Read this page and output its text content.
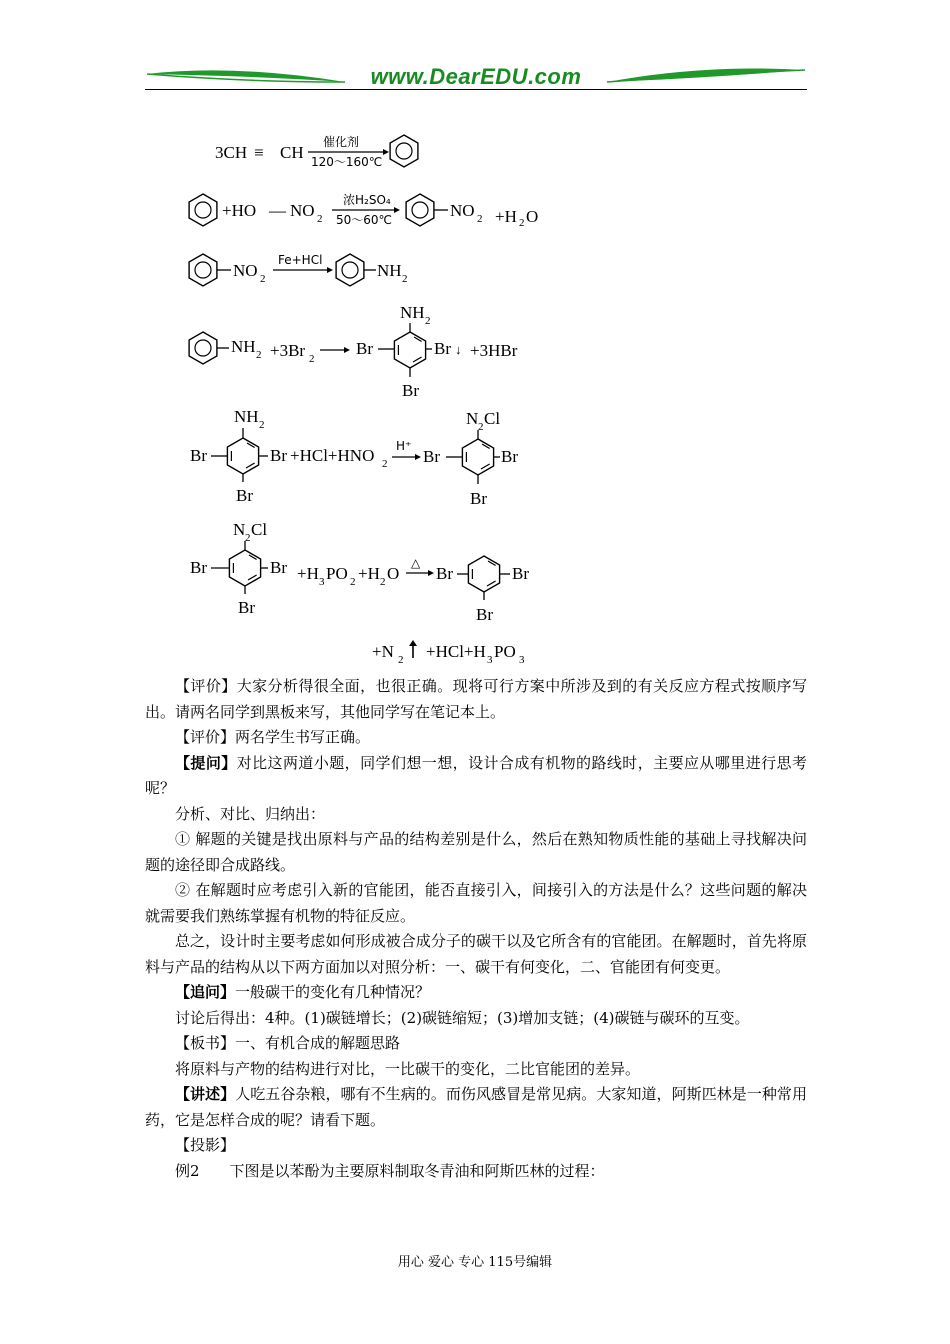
www.DearEDU.com
3CH ≡ CH
催化剂
120～160℃
+HO — NO 2
浓H₂SO₄
50～60℃	NO 2 +H 2 O
NO 2
Fe+HCl
NH 2
NH 2 +3Br 2
NH 2
Br	Br ↓
Br
+3HBr
NH 2
Br	Br
Br
+HCl+HNO 2
H⁺
N 2 Cl
Br	Br
Br
N 2 Cl
Br	Br
Br
+H 3 PO 2 +H 2 O
△
Br	Br
Br
+N 2 +HCl+H 3 PO 3

【评价】大家分析得很全面，也很正确。现将可行方案中所涉及到的有关反应方程式按顺序写出。请两名同学到黑板来写，其他同学写在笔记本上。

【评价】两名学生书写正确。

【提问】对比这两道小题，同学们想一想，设计合成有机物的路线时，主要应从哪里进行思考呢？

分析、对比、归纳出：

① 解题的关键是找出原料与产品的结构差别是什么，然后在熟知物质性能的基础上寻找解决问题的途径即合成路线。

② 在解题时应考虑引入新的官能团，能否直接引入，间接引入的方法是什么？这些问题的解决就需要我们熟练掌握有机物的特征反应。

总之，设计时主要考虑如何形成被合成分子的碳干以及它所含有的官能团。在解题时，首先将原料与产品的结构从以下两方面加以对照分析：一、碳干有何变化，二、官能团有何变更。

【追问】一般碳干的变化有几种情况？

讨论后得出：4种。(1)碳链增长；(2)碳链缩短；(3)增加支链；(4)碳链与碳环的互变。

【板书】一、有机合成的解题思路

将原料与产物的结构进行对比，一比碳干的变化，二比官能团的差异。

【讲述】人吃五谷杂粮，哪有不生病的。而伤风感冒是常见病。大家知道，阿斯匹林是一种常用药，它是怎样合成的呢？请看下题。

【投影】

例2 下图是以苯酚为主要原料制取冬青油和阿斯匹林的过程：

用心 爱心 专心 115号编辑
